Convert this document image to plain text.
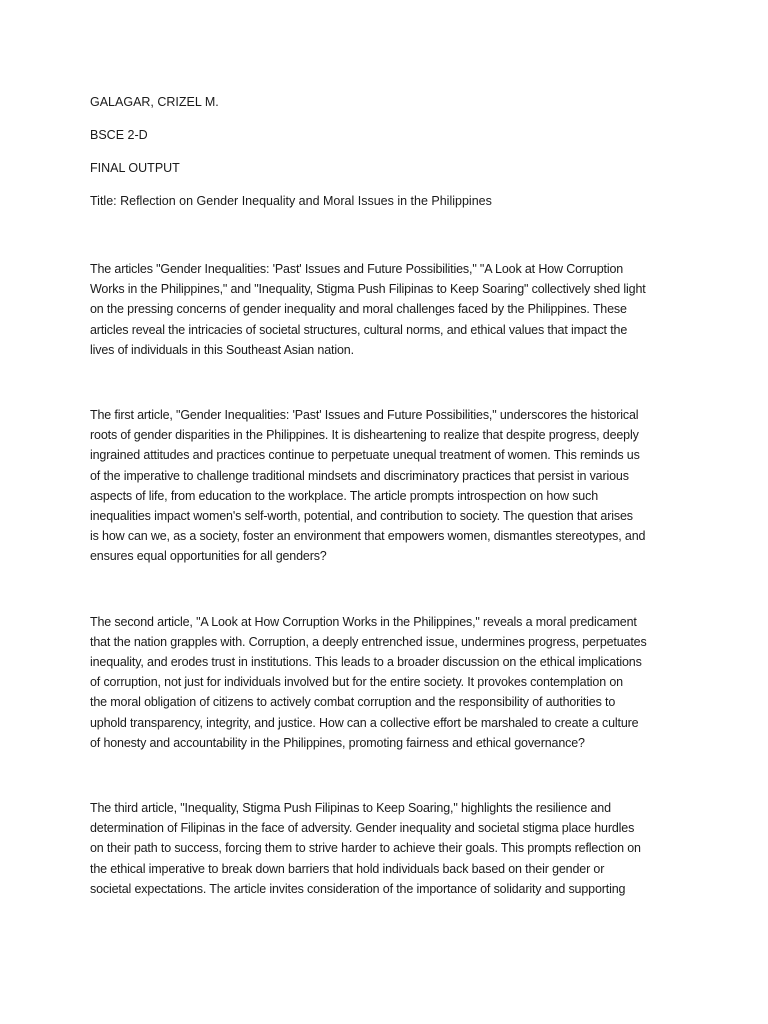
GALAGAR, CRIZEL M.
BSCE 2-D
FINAL OUTPUT
Title: Reflection on Gender Inequality and Moral Issues in the Philippines
The articles "Gender Inequalities: 'Past' Issues and Future Possibilities," "A Look at How Corruption
Works in the Philippines," and "Inequality, Stigma Push Filipinas to Keep Soaring" collectively shed light
on the pressing concerns of gender inequality and moral challenges faced by the Philippines. These
articles reveal the intricacies of societal structures, cultural norms, and ethical values that impact the
lives of individuals in this Southeast Asian nation.
The first article, "Gender Inequalities: 'Past' Issues and Future Possibilities," underscores the historical
roots of gender disparities in the Philippines. It is disheartening to realize that despite progress, deeply
ingrained attitudes and practices continue to perpetuate unequal treatment of women. This reminds us
of the imperative to challenge traditional mindsets and discriminatory practices that persist in various
aspects of life, from education to the workplace. The article prompts introspection on how such
inequalities impact women's self-worth, potential, and contribution to society. The question that arises
is how can we, as a society, foster an environment that empowers women, dismantles stereotypes, and
ensures equal opportunities for all genders?
The second article, "A Look at How Corruption Works in the Philippines," reveals a moral predicament
that the nation grapples with. Corruption, a deeply entrenched issue, undermines progress, perpetuates
inequality, and erodes trust in institutions. This leads to a broader discussion on the ethical implications
of corruption, not just for individuals involved but for the entire society. It provokes contemplation on
the moral obligation of citizens to actively combat corruption and the responsibility of authorities to
uphold transparency, integrity, and justice. How can a collective effort be marshaled to create a culture
of honesty and accountability in the Philippines, promoting fairness and ethical governance?
The third article, "Inequality, Stigma Push Filipinas to Keep Soaring," highlights the resilience and
determination of Filipinas in the face of adversity. Gender inequality and societal stigma place hurdles
on their path to success, forcing them to strive harder to achieve their goals. This prompts reflection on
the ethical imperative to break down barriers that hold individuals back based on their gender or
societal expectations. The article invites consideration of the importance of solidarity and supporting
